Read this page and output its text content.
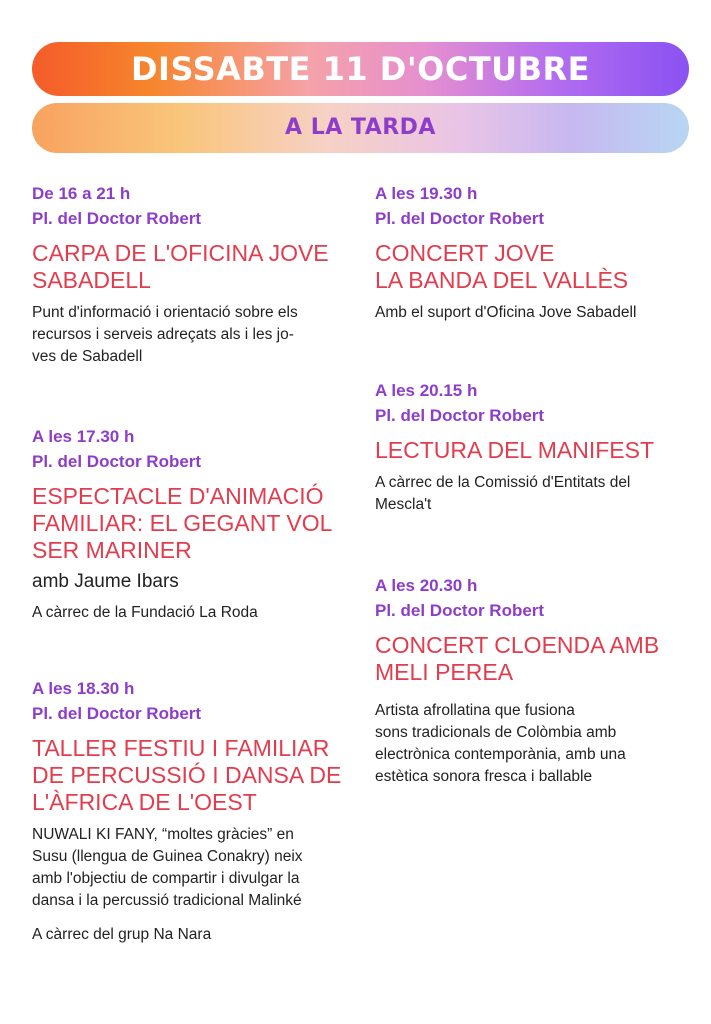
DISSABTE 11 D'OCTUBRE
A LA TARDA
De 16 a 21 h
Pl. del Doctor Robert
CARPA DE L'OFICINA JOVE
SABADELL
Punt d'informació i orientació sobre els
recursos i serveis adreçats als i les jo-
ves de Sabadell
A les 17.30 h
Pl. del Doctor Robert
ESPECTACLE D'ANIMACIÓ
FAMILIAR: EL GEGANT VOL
SER MARINER
amb Jaume Ibars
A càrrec de la Fundació La Roda
A les 18.30 h
Pl. del Doctor Robert
TALLER FESTIU I FAMILIAR
DE PERCUSSIÓ I DANSA DE
L'ÀFRICA DE L'OEST
NUWALI KI FANY, “moltes gràcies” en
Susu (llengua de Guinea Conakry) neix
amb l'objectiu de compartir i divulgar la
dansa i la percussió tradicional Malinké
A càrrec del grup Na Nara
A les 19.30 h
Pl. del Doctor Robert
CONCERT JOVE
LA BANDA DEL VALLÈS
Amb el suport d'Oficina Jove Sabadell
A les 20.15 h
Pl. del Doctor Robert
LECTURA DEL MANIFEST
A càrrec de la Comissió d'Entitats del
Mescla't
A les 20.30 h
Pl. del Doctor Robert
CONCERT CLOENDA AMB
MELI PEREA
Artista afrollatina que fusiona
sons tradicionals de Colòmbia amb
electrònica contemporània, amb una
estètica sonora fresca i ballable
